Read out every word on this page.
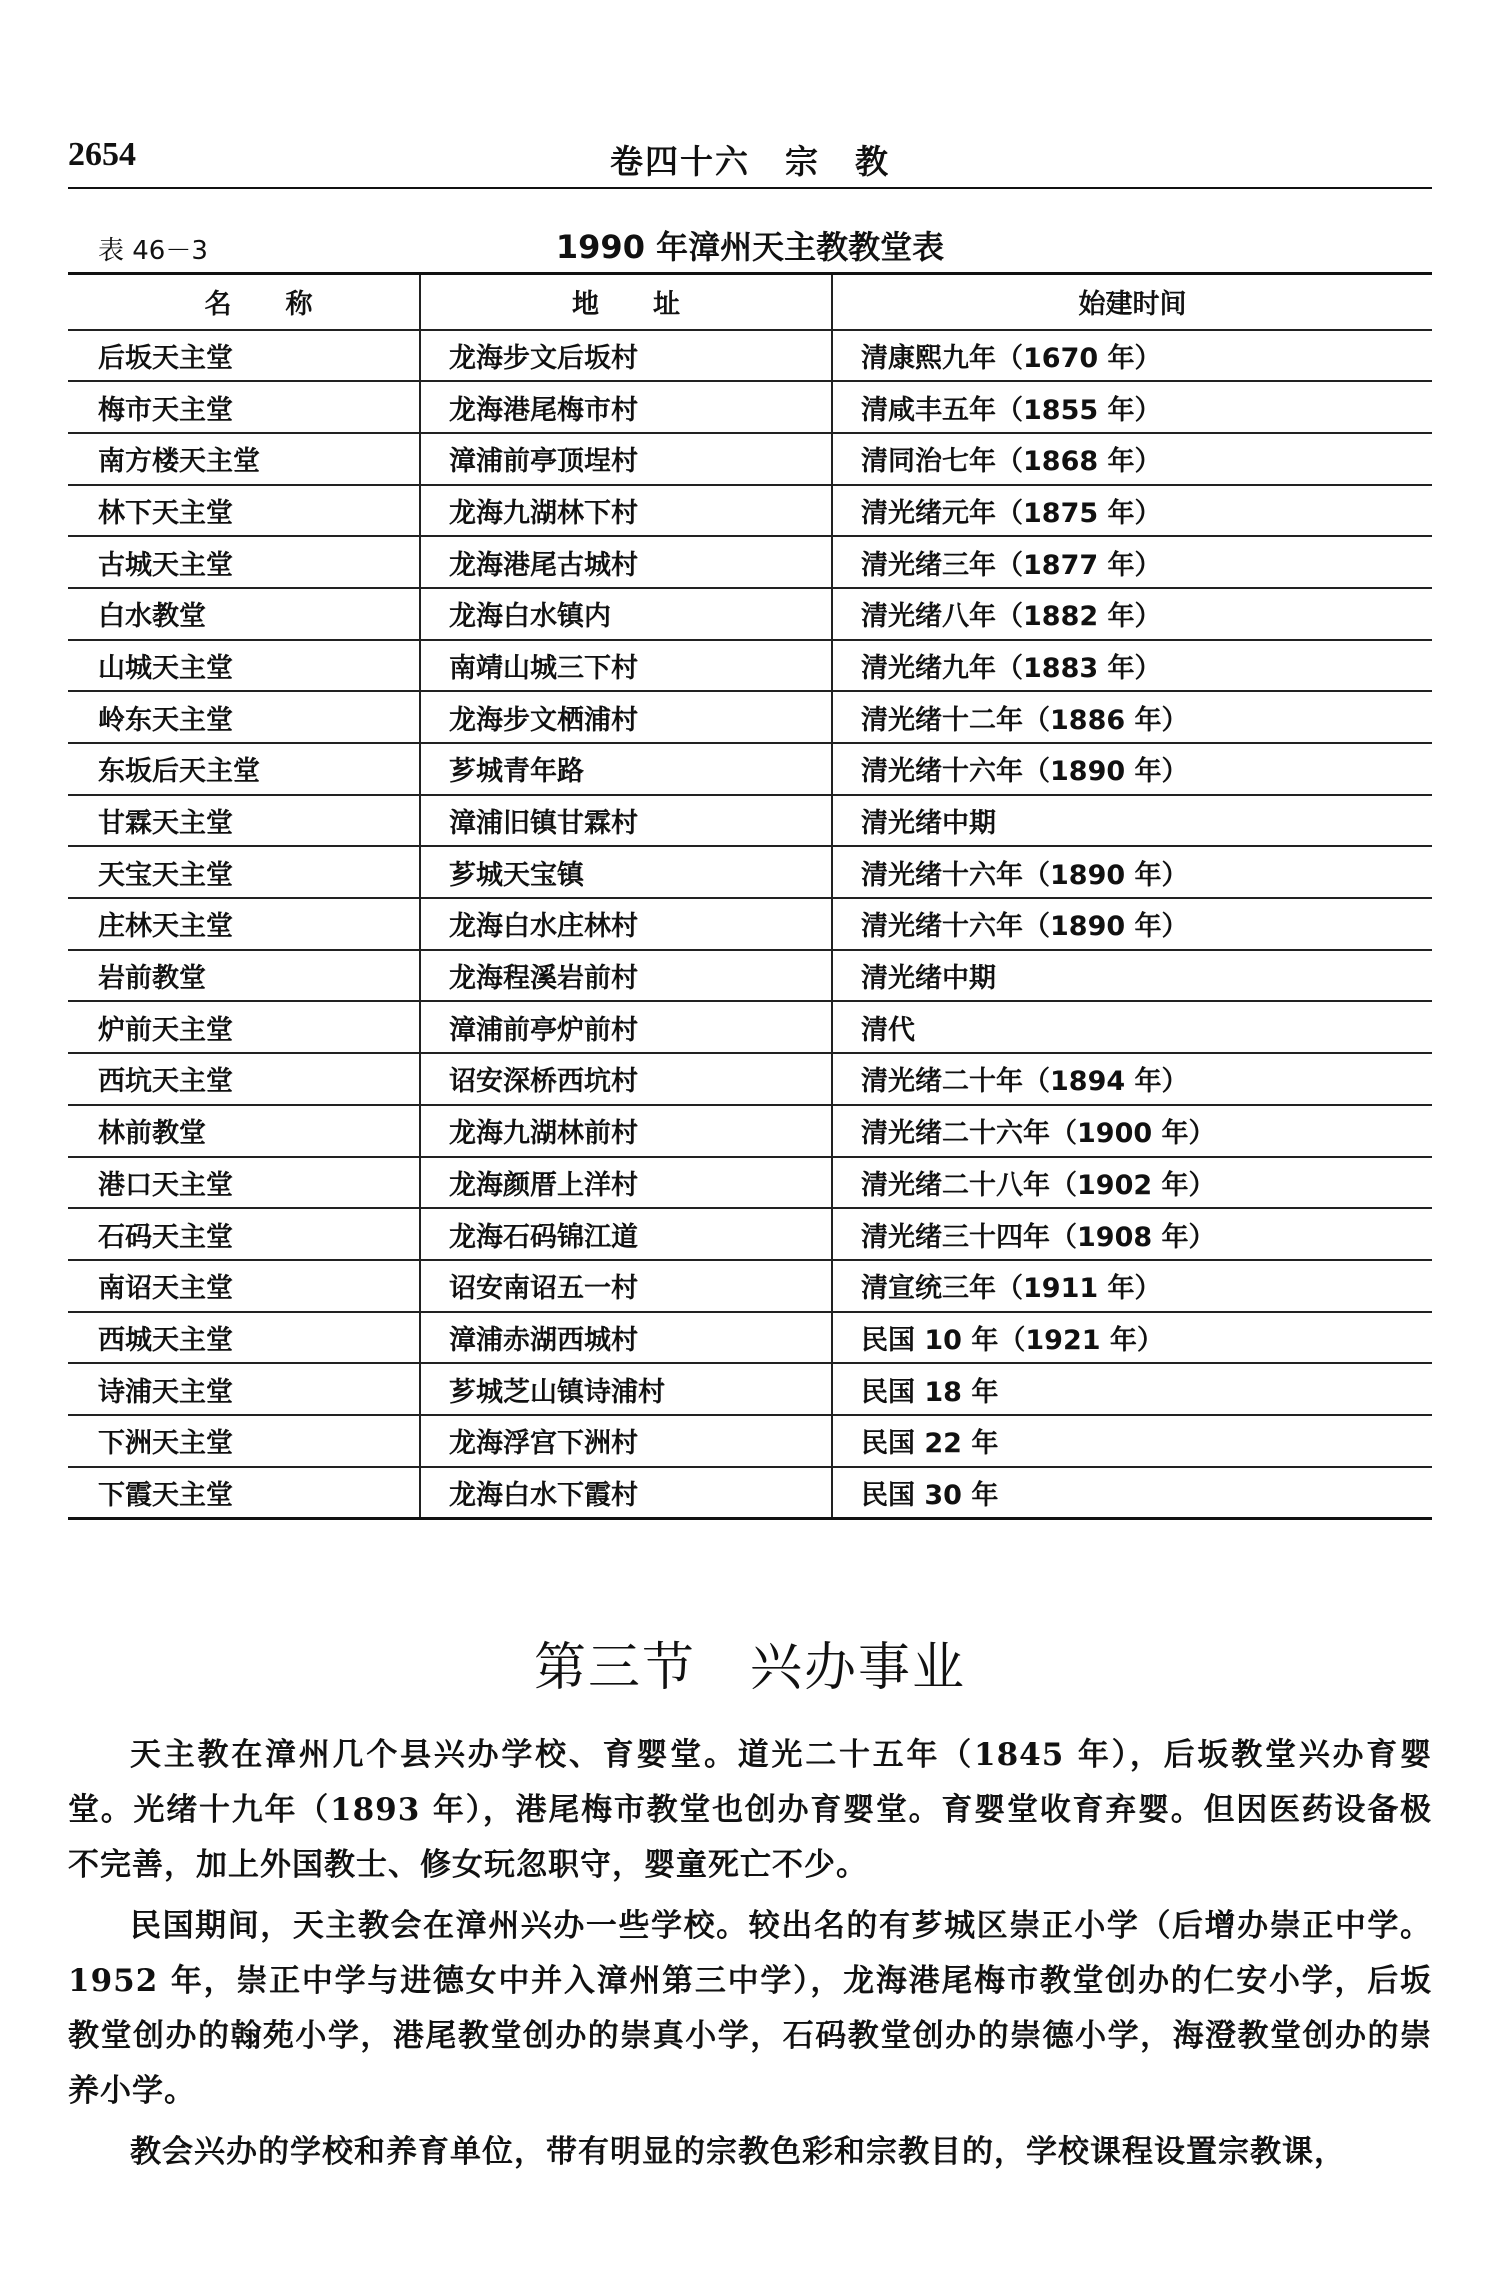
2654	卷四十六　宗　教
表 46－3	1990 年漳州天主教教堂表
名　　称	地　　址	始建时间
后坂天主堂	龙海步文后坂村	清康熙九年（1670 年）
梅市天主堂	龙海港尾梅市村	清咸丰五年（1855 年）
南方楼天主堂	漳浦前亭顶埕村	清同治七年（1868 年）
林下天主堂	龙海九湖林下村	清光绪元年（1875 年）
古城天主堂	龙海港尾古城村	清光绪三年（1877 年）
白水教堂	龙海白水镇内	清光绪八年（1882 年）
山城天主堂	南靖山城三下村	清光绪九年（1883 年）
岭东天主堂	龙海步文栖浦村	清光绪十二年（1886 年）
东坂后天主堂	芗城青年路	清光绪十六年（1890 年）
甘霖天主堂	漳浦旧镇甘霖村	清光绪中期
天宝天主堂	芗城天宝镇	清光绪十六年（1890 年）
庄林天主堂	龙海白水庄林村	清光绪十六年（1890 年）
岩前教堂	龙海程溪岩前村	清光绪中期
炉前天主堂	漳浦前亭炉前村	清代
西坑天主堂	诏安深桥西坑村	清光绪二十年（1894 年）
林前教堂	龙海九湖林前村	清光绪二十六年（1900 年）
港口天主堂	龙海颜厝上洋村	清光绪二十八年（1902 年）
石码天主堂	龙海石码锦江道	清光绪三十四年（1908 年）
南诏天主堂	诏安南诏五一村	清宣统三年（1911 年）
西城天主堂	漳浦赤湖西城村	民国 10 年（1921 年）
诗浦天主堂	芗城芝山镇诗浦村	民国 18 年
下洲天主堂	龙海浮宫下洲村	民国 22 年
下霞天主堂	龙海白水下霞村	民国 30 年
第三节　兴办事业

天主教在漳州几个县兴办学校、育婴堂。道光二十五年（1845 年），后坂教堂兴办育婴堂。光绪十九年（1893 年），港尾梅市教堂也创办育婴堂。育婴堂收育弃婴。但因医药设备极不完善，加上外国教士、修女玩忽职守，婴童死亡不少。

民国期间，天主教会在漳州兴办一些学校。较出名的有芗城区崇正小学（后增办崇正中学。1952 年，崇正中学与进德女中并入漳州第三中学），龙海港尾梅市教堂创办的仁安小学，后坂教堂创办的翰苑小学，港尾教堂创办的崇真小学，石码教堂创办的崇德小学，海澄教堂创办的崇养小学。

教会兴办的学校和养育单位，带有明显的宗教色彩和宗教目的，学校课程设置宗教课，
